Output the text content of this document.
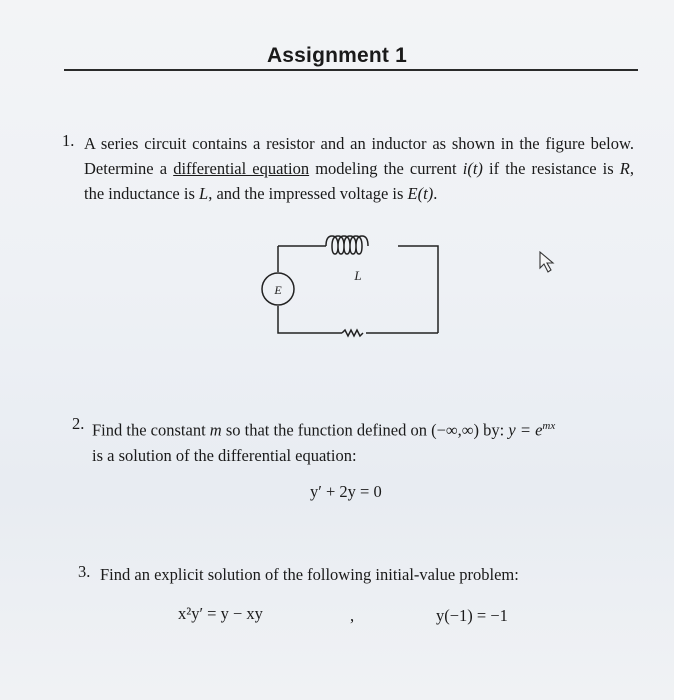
Assignment 1
1. A series circuit contains a resistor and an inductor as shown in the figure below. Determine a differential equation modeling the current i(t) if the resistance is R, the inductance is L, and the impressed voltage is E(t).
E
L
2. Find the constant m so that the function defined on (−∞,∞) by: $y = e^{mx}$
is a solution of the differential equation:
y′ + 2y = 0
3. Find an explicit solution of the following initial-value problem:
x²y′ = y − xy	,	y(−1) = −1
